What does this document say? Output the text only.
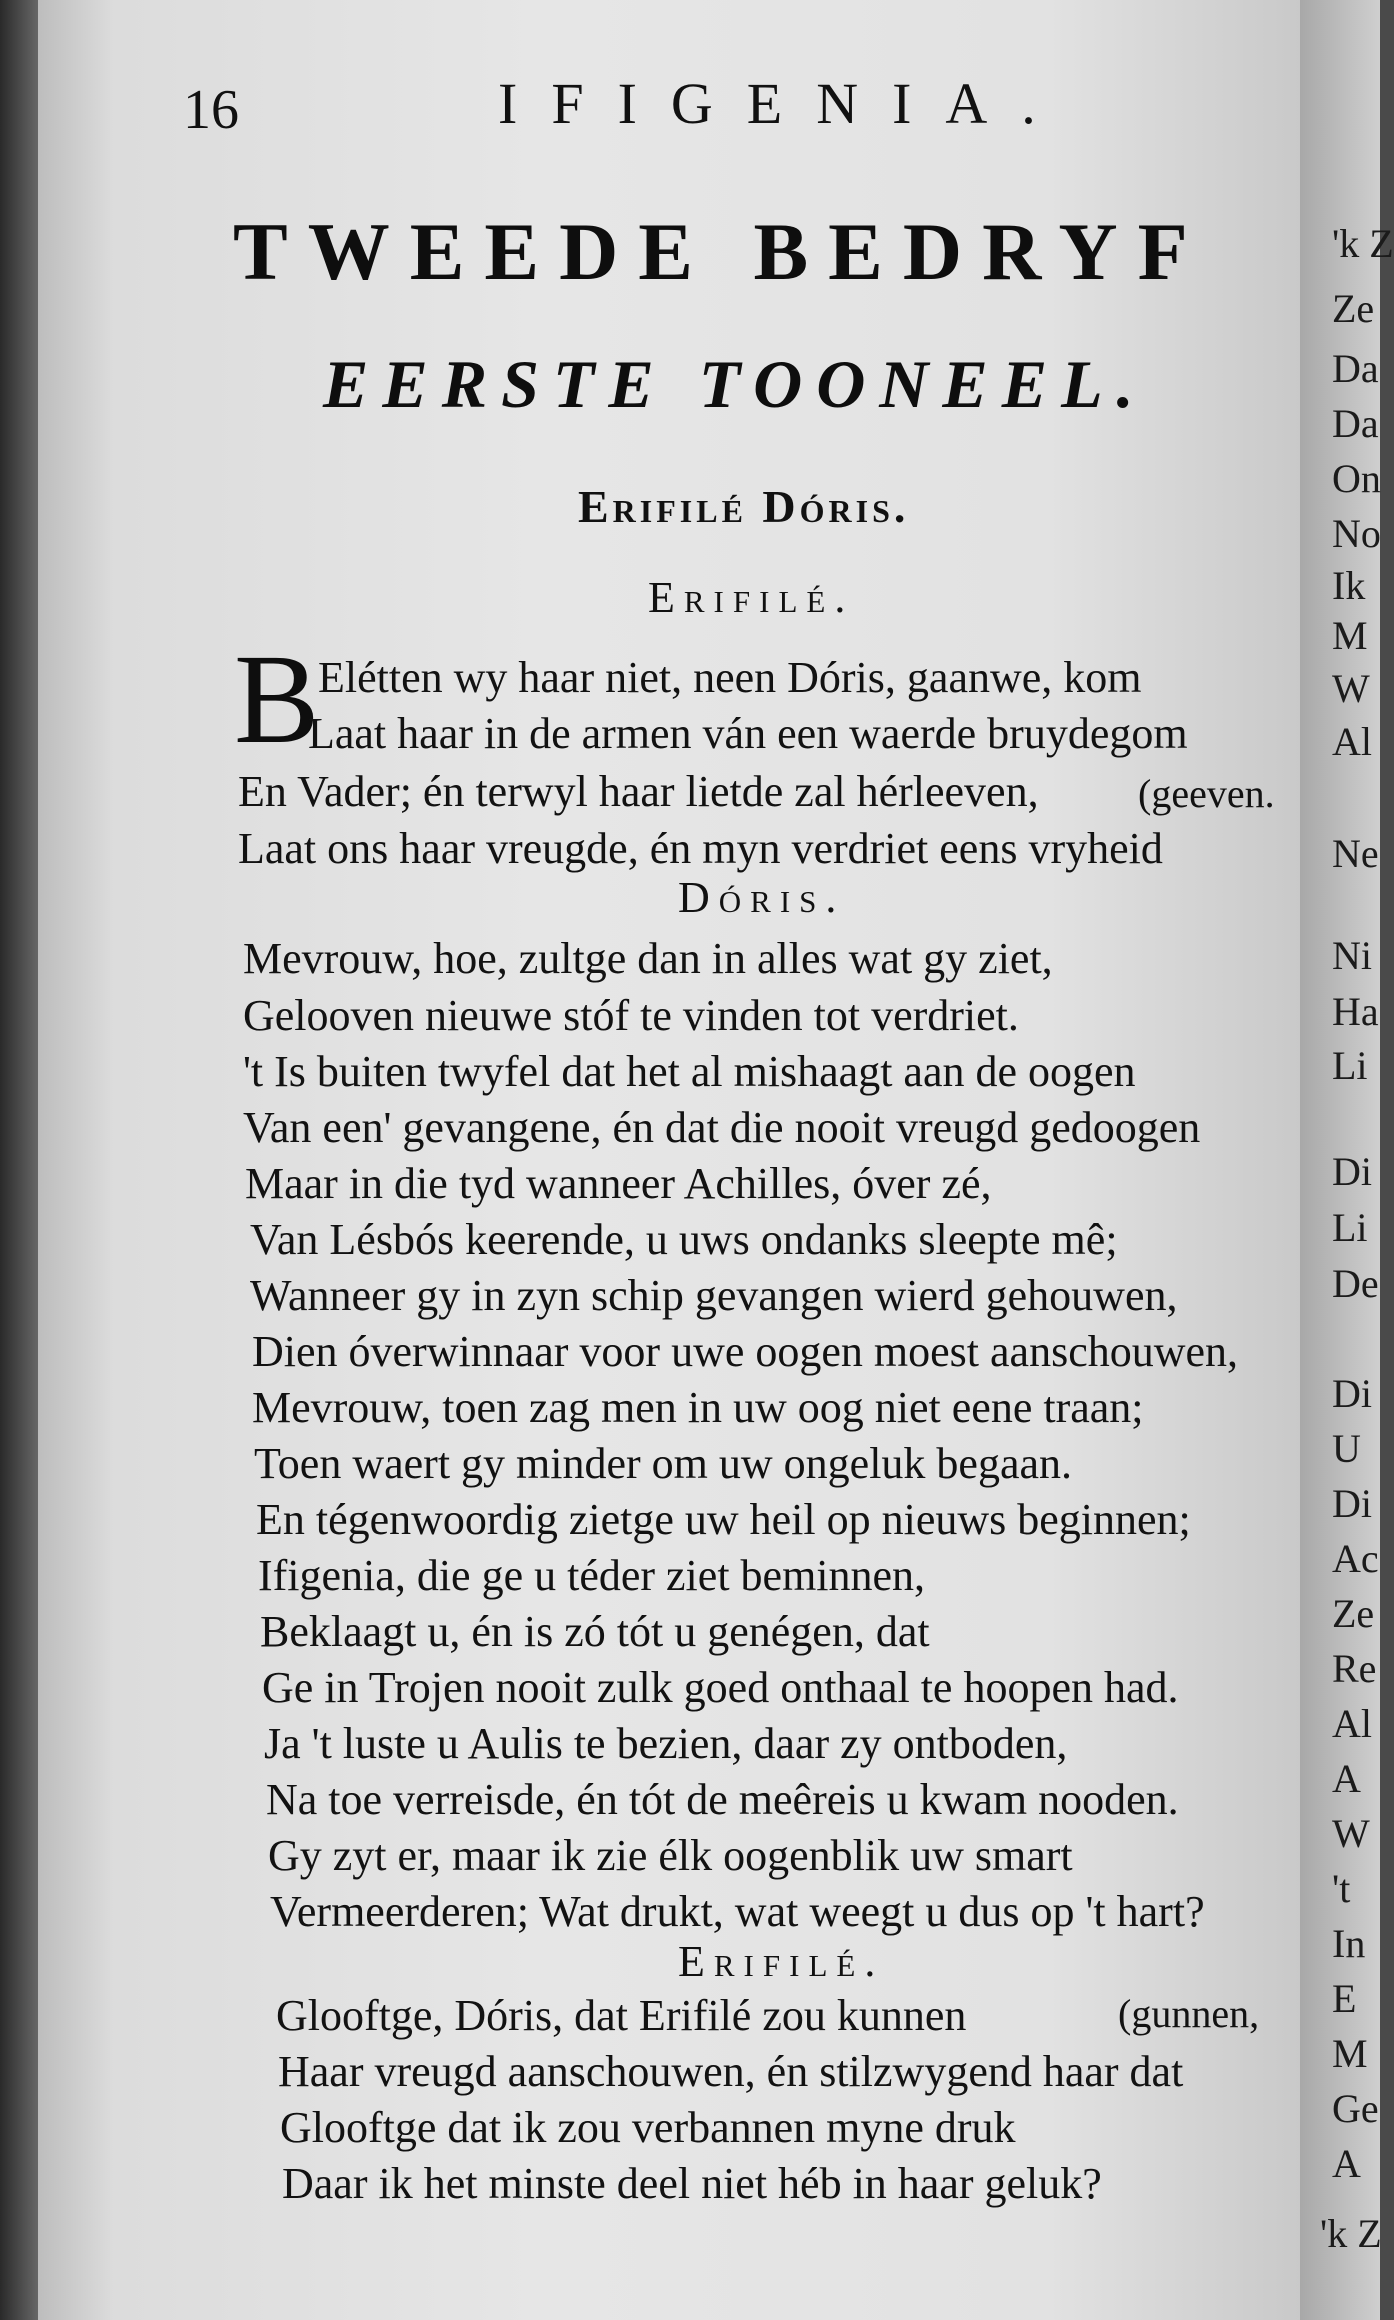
16	IFIGENIA.
TWEEDE BEDRYF
EERSTE TOONEEL.
Erifilé Dóris.
Erifilé.
B
Elétten wy haar niet, neen Dóris, gaanwe, kom
Laat haar in de armen ván een waerde bruydegom
En Vader; én terwyl haar lietde zal hérleeven, (geeven.
Laat ons haar vreugde, én myn verdriet eens vryheid
Dóris.
Mevrouw, hoe, zultge dan in alles wat gy ziet,
Gelooven nieuwe stóf te vinden tot verdriet.
't Is buiten twyfel dat het al mishaagt aan de oogen
Van een' gevangene, én dat die nooit vreugd gedoogen
Maar in die tyd wanneer Achilles, óver zé,
Van Lésbós keerende, u uws ondanks sleepte mê;
Wanneer gy in zyn schip gevangen wierd gehouwen,
Dien óverwinnaar voor uwe oogen moest aanschouwen,
Mevrouw, toen zag men in uw oog niet eene traan;
Toen waert gy minder om uw ongeluk begaan.
En tégenwoordig zietge uw heil op nieuws beginnen;
Ifigenia, die ge u téder ziet beminnen,
Beklaagt u, én is zó tót u genégen, dat
Ge in Trojen nooit zulk goed onthaal te hoopen had.
Ja 't luste u Aulis te bezien, daar zy ontboden,
Na toe verreisde, én tót de meêreis u kwam nooden.
Gy zyt er, maar ik zie élk oogenblik uw smart
Vermeerderen; Wat drukt, wat weegt u dus op 't hart?
Erifilé.
Glooftge, Dóris, dat Erifilé zou kunnen	(gunnen,
Haar vreugd aanschouwen, én stilzwygend haar dat
Glooftge dat ik zou verbannen myne druk
Daar ik het minste deel niet héb in haar geluk?
'k Z
Ze
Da
Da
On
No
Ik
M
W
Al
Ne
Ni
Ha
Li
Di
Li
De
Di
U
Di
Ac
Ze
Re
Al
A
W
't
In
E
M
Ge
A
'k Z
